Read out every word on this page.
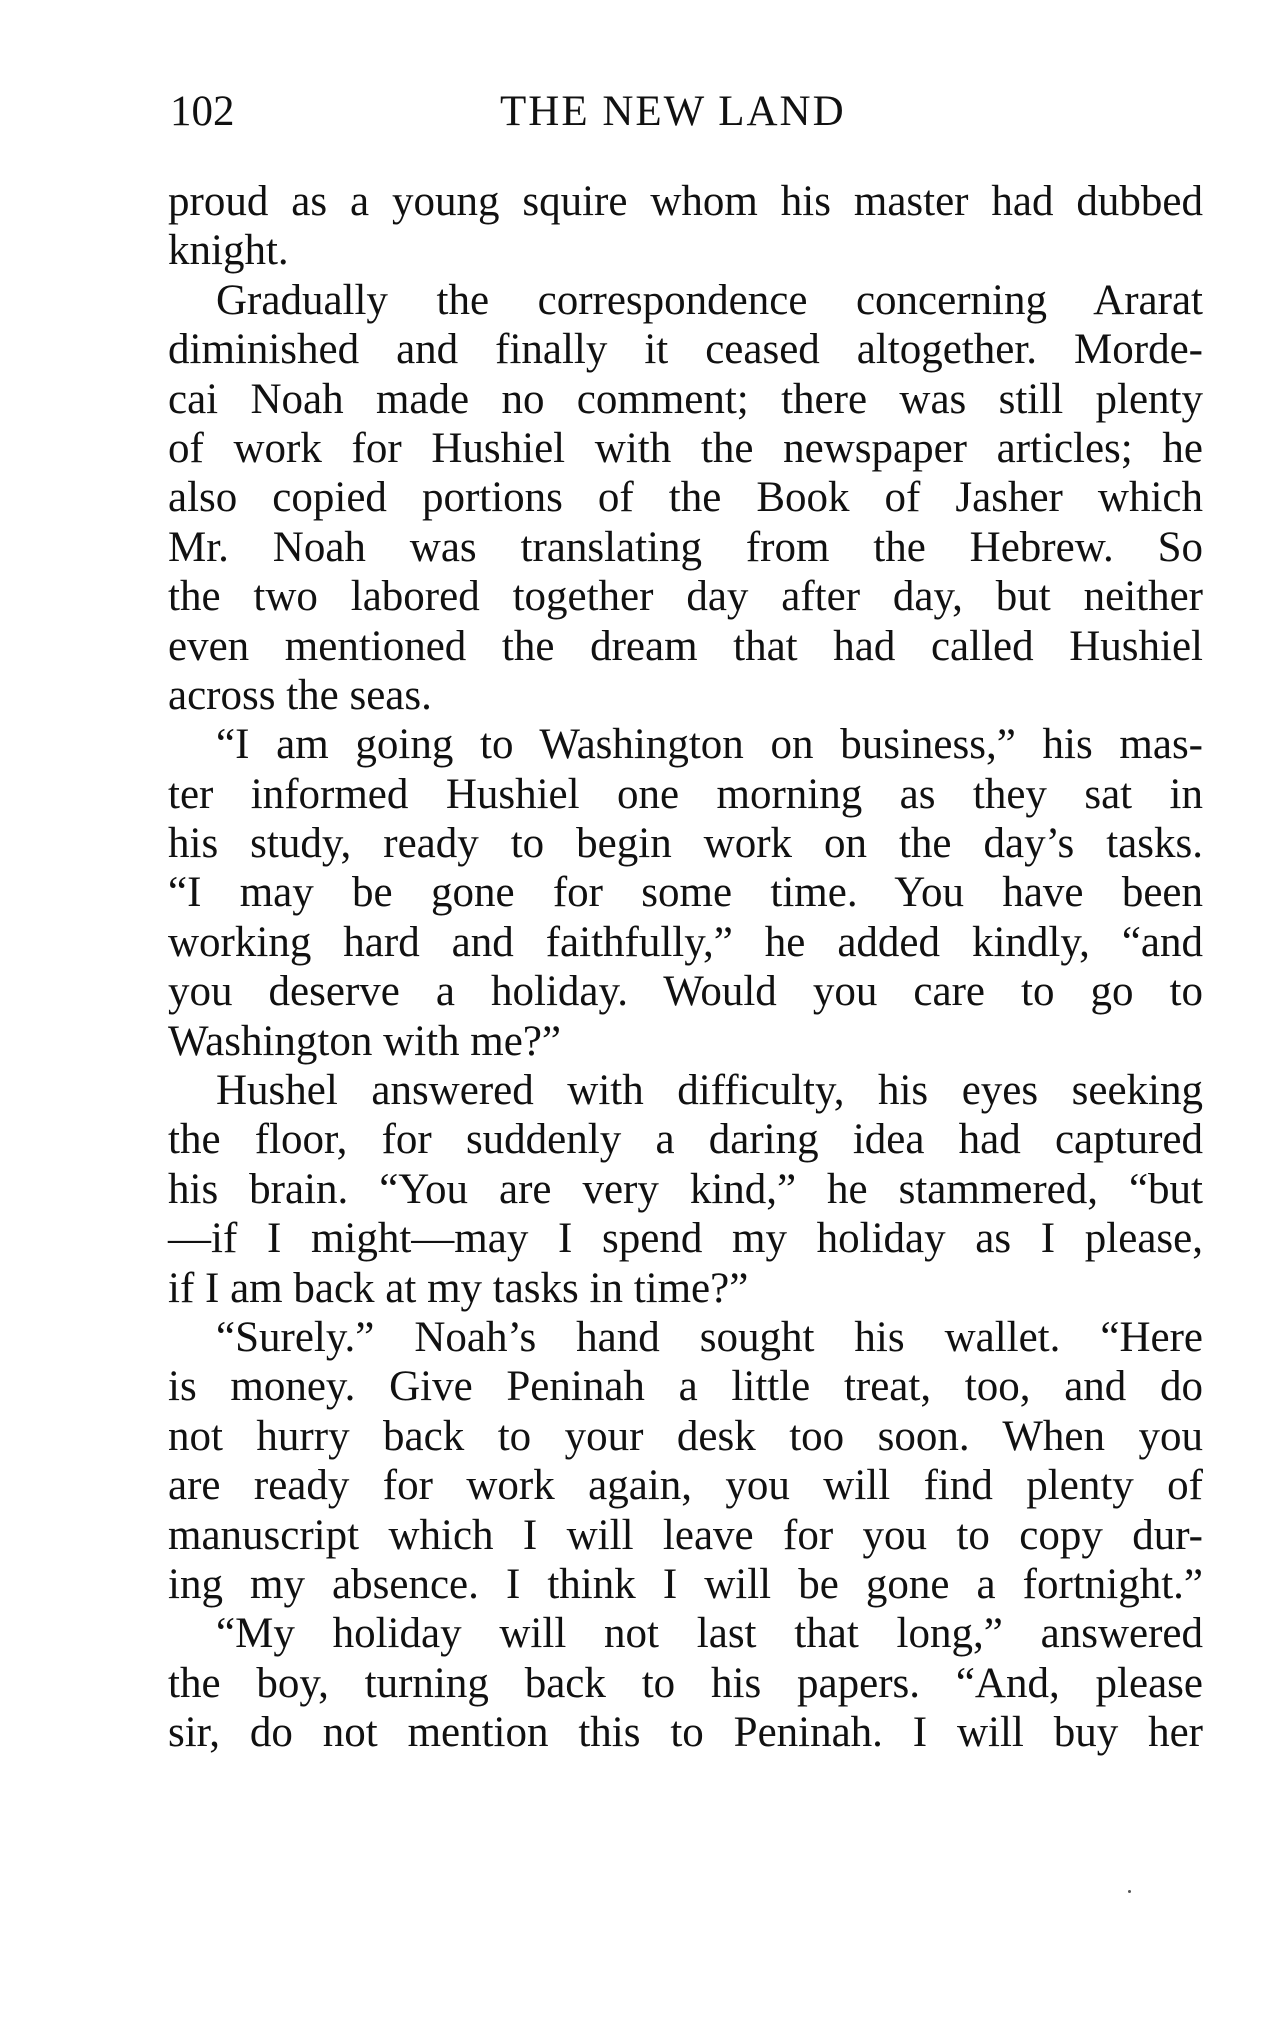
102	THE NEW LAND
proud as a young squire whom his master had dubbed
knight.
Gradually the correspondence concerning Ararat
diminished and finally it ceased altogether. Morde-
cai Noah made no comment; there was still plenty
of work for Hushiel with the newspaper articles; he
also copied portions of the Book of Jasher which
Mr. Noah was translating from the Hebrew. So
the two labored together day after day, but neither
even mentioned the dream that had called Hushiel
across the seas.
“I am going to Washington on business,” his mas-
ter informed Hushiel one morning as they sat in
his study, ready to begin work on the day’s tasks.
“I may be gone for some time. You have been
working hard and faithfully,” he added kindly, “and
you deserve a holiday. Would you care to go to
Washington with me?”
Hushel answered with difficulty, his eyes seeking
the floor, for suddenly a daring idea had captured
his brain. “You are very kind,” he stammered, “but
—if I might—may I spend my holiday as I please,
if I am back at my tasks in time?”
“Surely.” Noah’s hand sought his wallet. “Here
is money. Give Peninah a little treat, too, and do
not hurry back to your desk too soon. When you
are ready for work again, you will find plenty of
manuscript which I will leave for you to copy dur-
ing my absence. I think I will be gone a fortnight.”
“My holiday will not last that long,” answered
the boy, turning back to his papers. “And, please
sir, do not mention this to Peninah. I will buy her
